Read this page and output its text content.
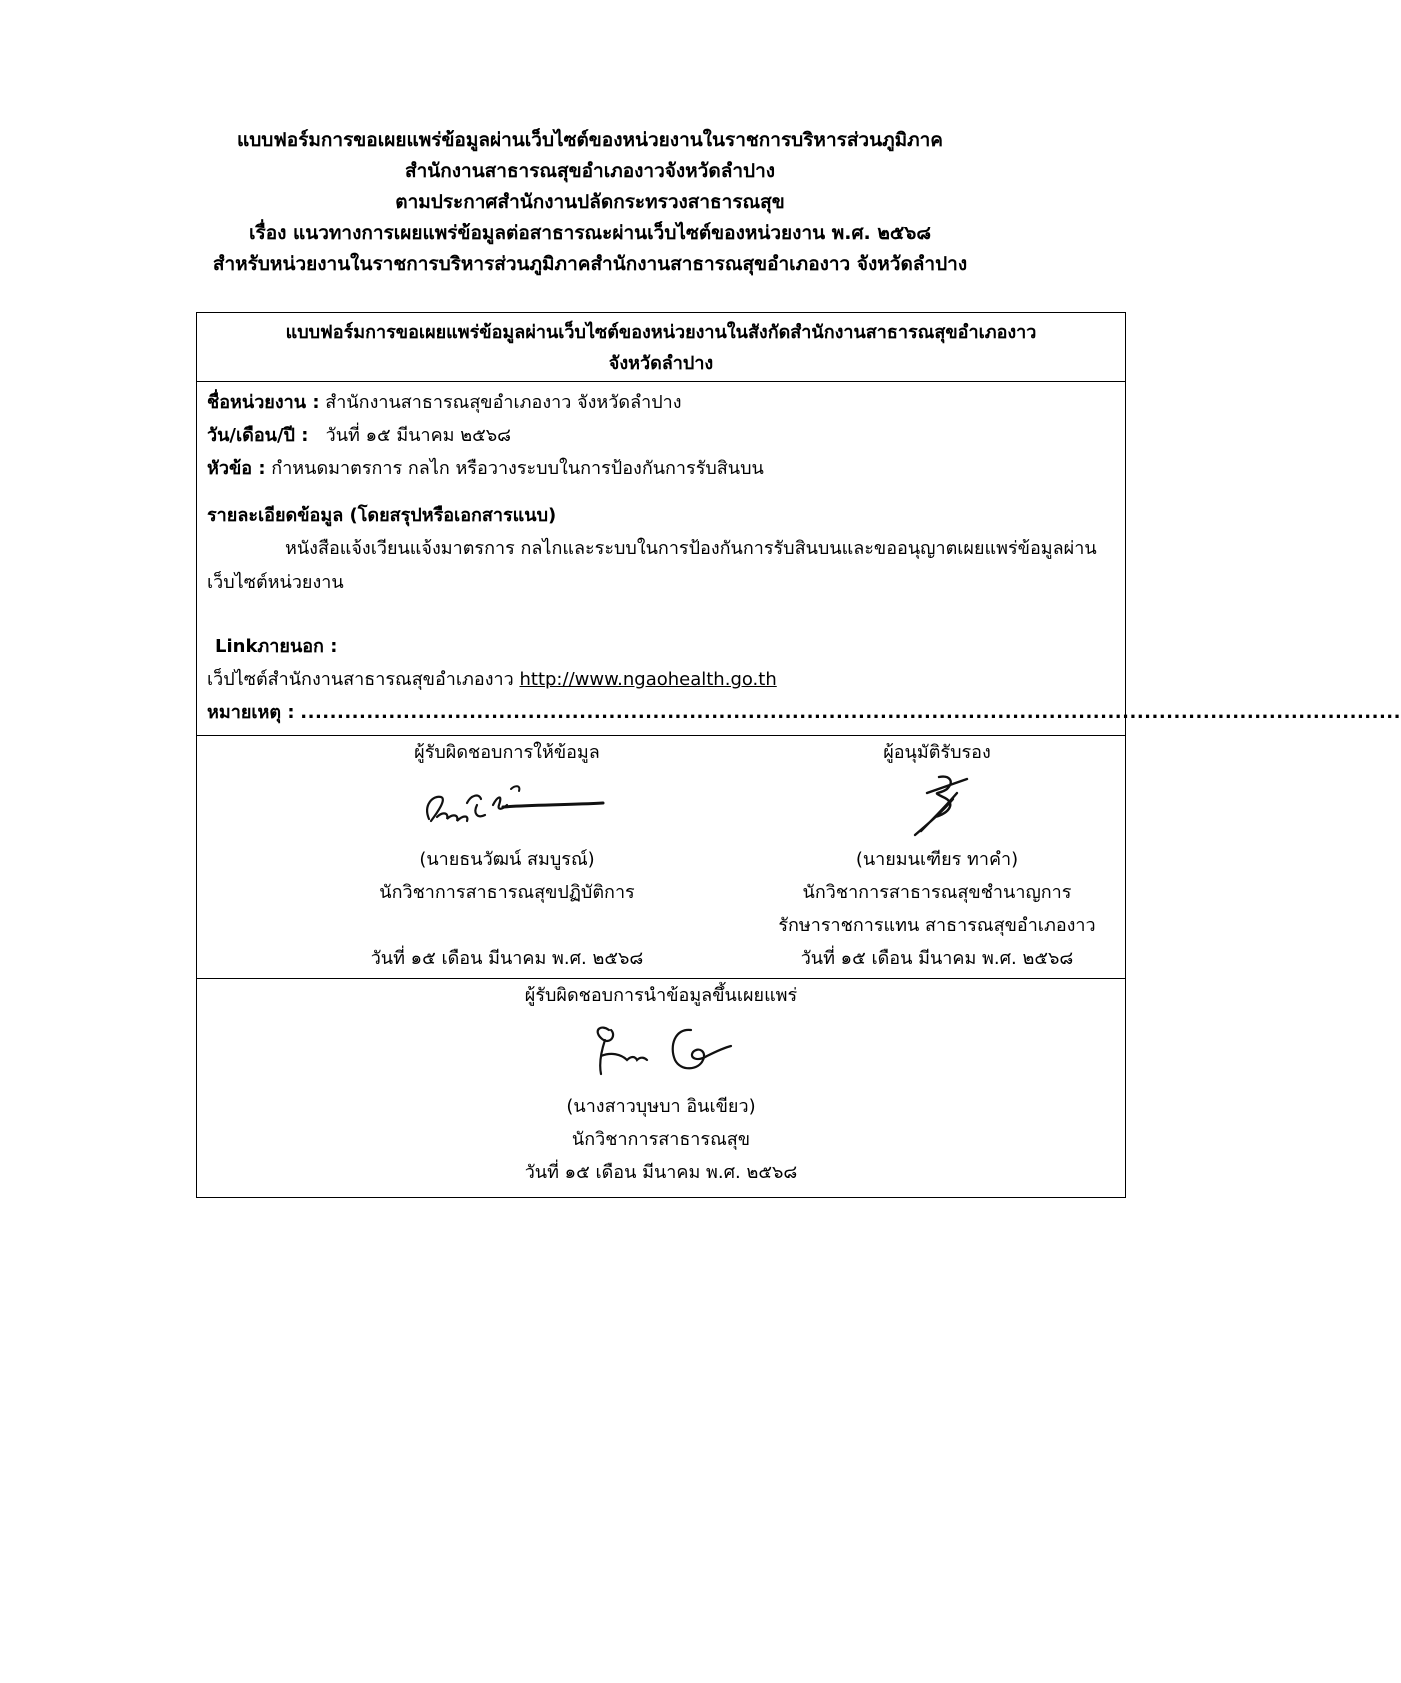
แบบฟอร์มการขอเผยแพร่ข้อมูลผ่านเว็บไซต์ของหน่วยงานในราชการบริหารส่วนภูมิภาค
สำนักงานสาธารณสุขอำเภองาวจังหวัดลำปาง
ตามประกาศสำนักงานปลัดกระทรวงสาธารณสุข
เรื่อง แนวทางการเผยแพร่ข้อมูลต่อสาธารณะผ่านเว็บไซต์ของหน่วยงาน พ.ศ. ๒๕๖๘
สำหรับหน่วยงานในราชการบริหารส่วนภูมิภาคสำนักงานสาธารณสุขอำเภองาว จังหวัดลำปาง
แบบฟอร์มการขอเผยแพร่ข้อมูลผ่านเว็บไซต์ของหน่วยงานในสังกัดสำนักงานสาธารณสุขอำเภองาว
จังหวัดลำปาง
ชื่อหน่วยงาน : สำนักงานสาธารณสุขอำเภองาว จังหวัดลำปาง
วัน/เดือน/ปี : วันที่ ๑๕ มีนาคม ๒๕๖๘
หัวข้อ : กำหนดมาตรการ กลไก หรือวางระบบในการป้องกันการรับสินบน
รายละเอียดข้อมูล (โดยสรุปหรือเอกสารแนบ)
หนังสือแจ้งเวียนแจ้งมาตรการ กลไกและระบบในการป้องกันการรับสินบนและขออนุญาตเผยแพร่ข้อมูลผ่านเว็บไซต์หน่วยงาน
Linkภายนอก :
เว็ปไซต์สำนักงานสาธารณสุขอำเภองาว http://www.ngaohealth.go.th
หมายเหตุ :
......................................................................................................................................................
ผู้รับผิดชอบการให้ข้อมูล
(นายธนวัฒน์ สมบูรณ์)
นักวิชาการสาธารณสุขปฏิบัติการ
วันที่ ๑๕ เดือน มีนาคม พ.ศ. ๒๕๖๘
ผู้อนุมัติรับรอง
(นายมนเฑียร ทาคำ)
นักวิชาการสาธารณสุขชำนาญการ
รักษาราชการแทน สาธารณสุขอำเภองาว
วันที่ ๑๕ เดือน มีนาคม พ.ศ. ๒๕๖๘
ผู้รับผิดชอบการนำข้อมูลขึ้นเผยแพร่
(นางสาวบุษบา อินเขียว)
นักวิชาการสาธารณสุข
วันที่ ๑๕ เดือน มีนาคม พ.ศ. ๒๕๖๘
